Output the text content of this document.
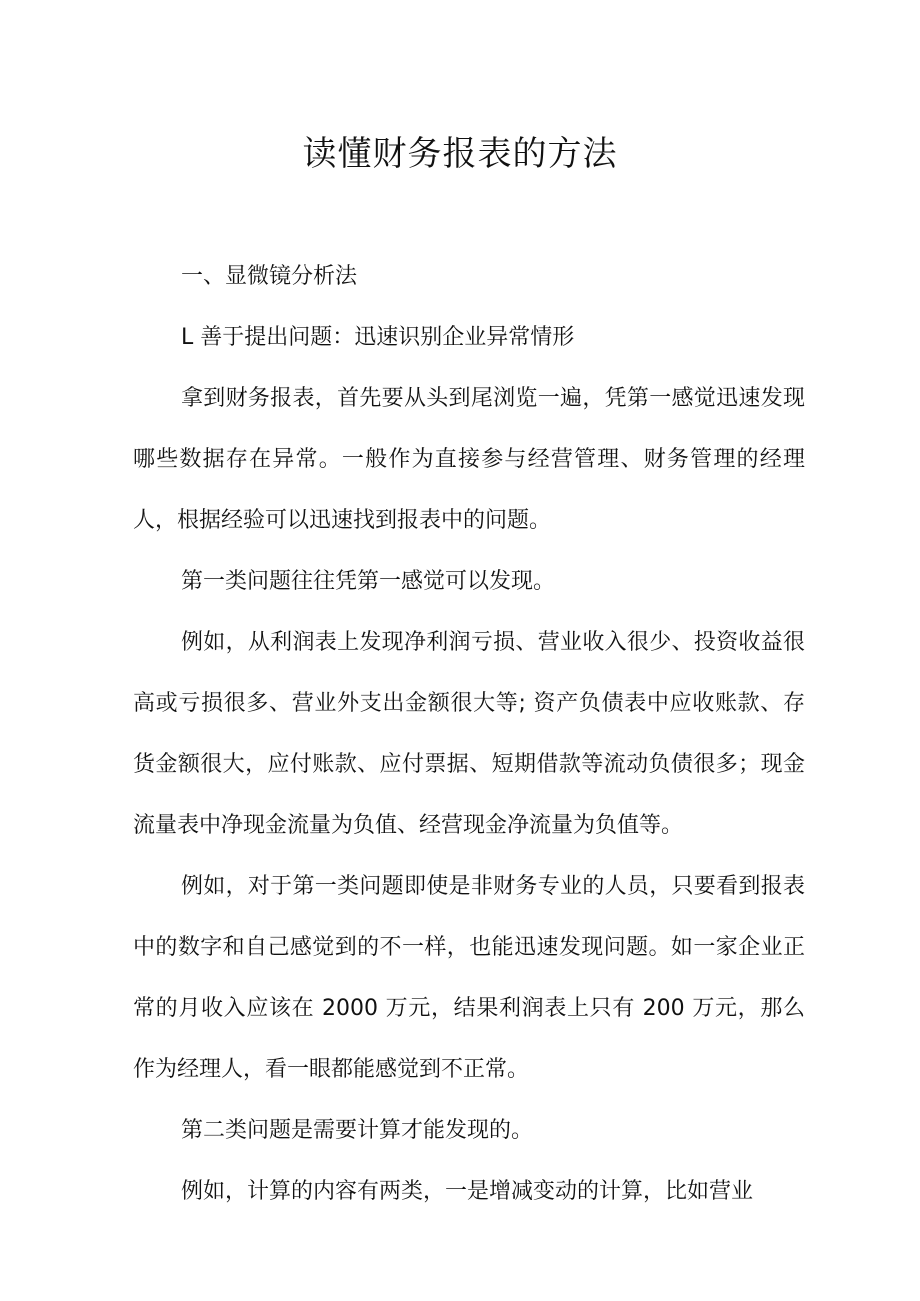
读懂财务报表的方法

一、显微镜分析法

L 善于提出问题：迅速识别企业异常情形

拿到财务报表，首先要从头到尾浏览一遍，凭第一感觉迅速发现哪些数据存在异常。一般作为直接参与经营管理、财务管理的经理人，根据经验可以迅速找到报表中的问题。

第一类问题往往凭第一感觉可以发现。

例如，从利润表上发现净利润亏损、营业收入很少、投资收益很高或亏损很多、营业外支出金额很大等; 资产负债表中应收账款、存货金额很大，应付账款、应付票据、短期借款等流动负债很多；现金流量表中净现金流量为负值、经营现金净流量为负值等。

例如，对于第一类问题即使是非财务专业的人员，只要看到报表中的数字和自己感觉到的不一样，也能迅速发现问题。如一家企业正常的月收入应该在 2000 万元，结果利润表上只有 200 万元，那么作为经理人，看一眼都能感觉到不正常。

第二类问题是需要计算才能发现的。

例如，计算的内容有两类，一是增减变动的计算，比如营业
